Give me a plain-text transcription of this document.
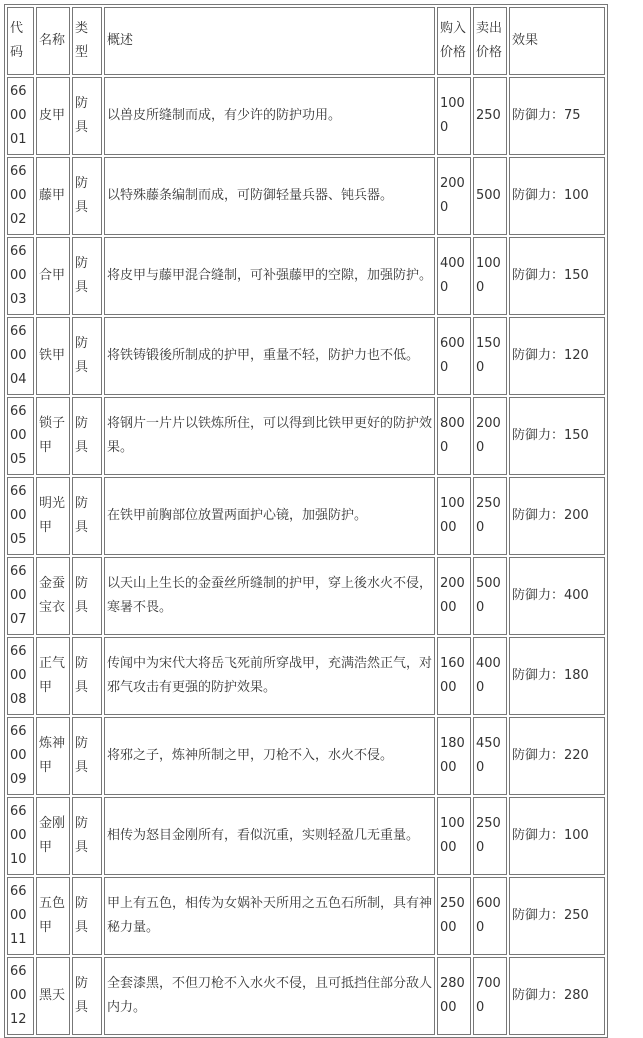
代码	名称	类型	概述	购入价格	卖出价格	效果
660001	皮甲	防具	以兽皮所缝制而成，有少许的防护功用。	1000	250	防御力：75
660002	藤甲	防具	以特殊藤条编制而成，可防御轻量兵器、钝兵器。	2000	500	防御力：100
660003	合甲	防具	将皮甲与藤甲混合缝制，可补强藤甲的空隙，加强防护。	4000	1000	防御力：150
660004	铁甲	防具	将铁铸锻後所制成的护甲，重量不轻，防护力也不低。	6000	1500	防御力：120
660005	锁子甲	防具	将钢片一片片以铁炼所住，可以得到比铁甲更好的防护效果。	8000	2000	防御力：150
660005	明光甲	防具	在铁甲前胸部位放置两面护心镜，加强防护。	10000	2500	防御力：200
660007	金蚕宝衣	防具	以天山上生长的金蚕丝所缝制的护甲，穿上後水火不侵，寒暑不畏。	20000	5000	防御力：400
660008	正气甲	防具	传闻中为宋代大将岳飞死前所穿战甲，充满浩然正气，对邪气攻击有更强的防护效果。	16000	4000	防御力：180
660009	炼神甲	防具	将邪之子，炼神所制之甲，刀枪不入，水火不侵。	18000	4500	防御力：220
660010	金刚甲	防具	相传为怒目金刚所有，看似沉重，实则轻盈几无重量。	10000	2500	防御力：100
660011	五色甲	防具	甲上有五色，相传为女娲补天所用之五色石所制，具有神秘力量。	25000	6000	防御力：250
660012	黑天	防具	全套漆黑，不但刀枪不入水火不侵，且可抵挡住部分敌人内力。	28000	7000	防御力：280
